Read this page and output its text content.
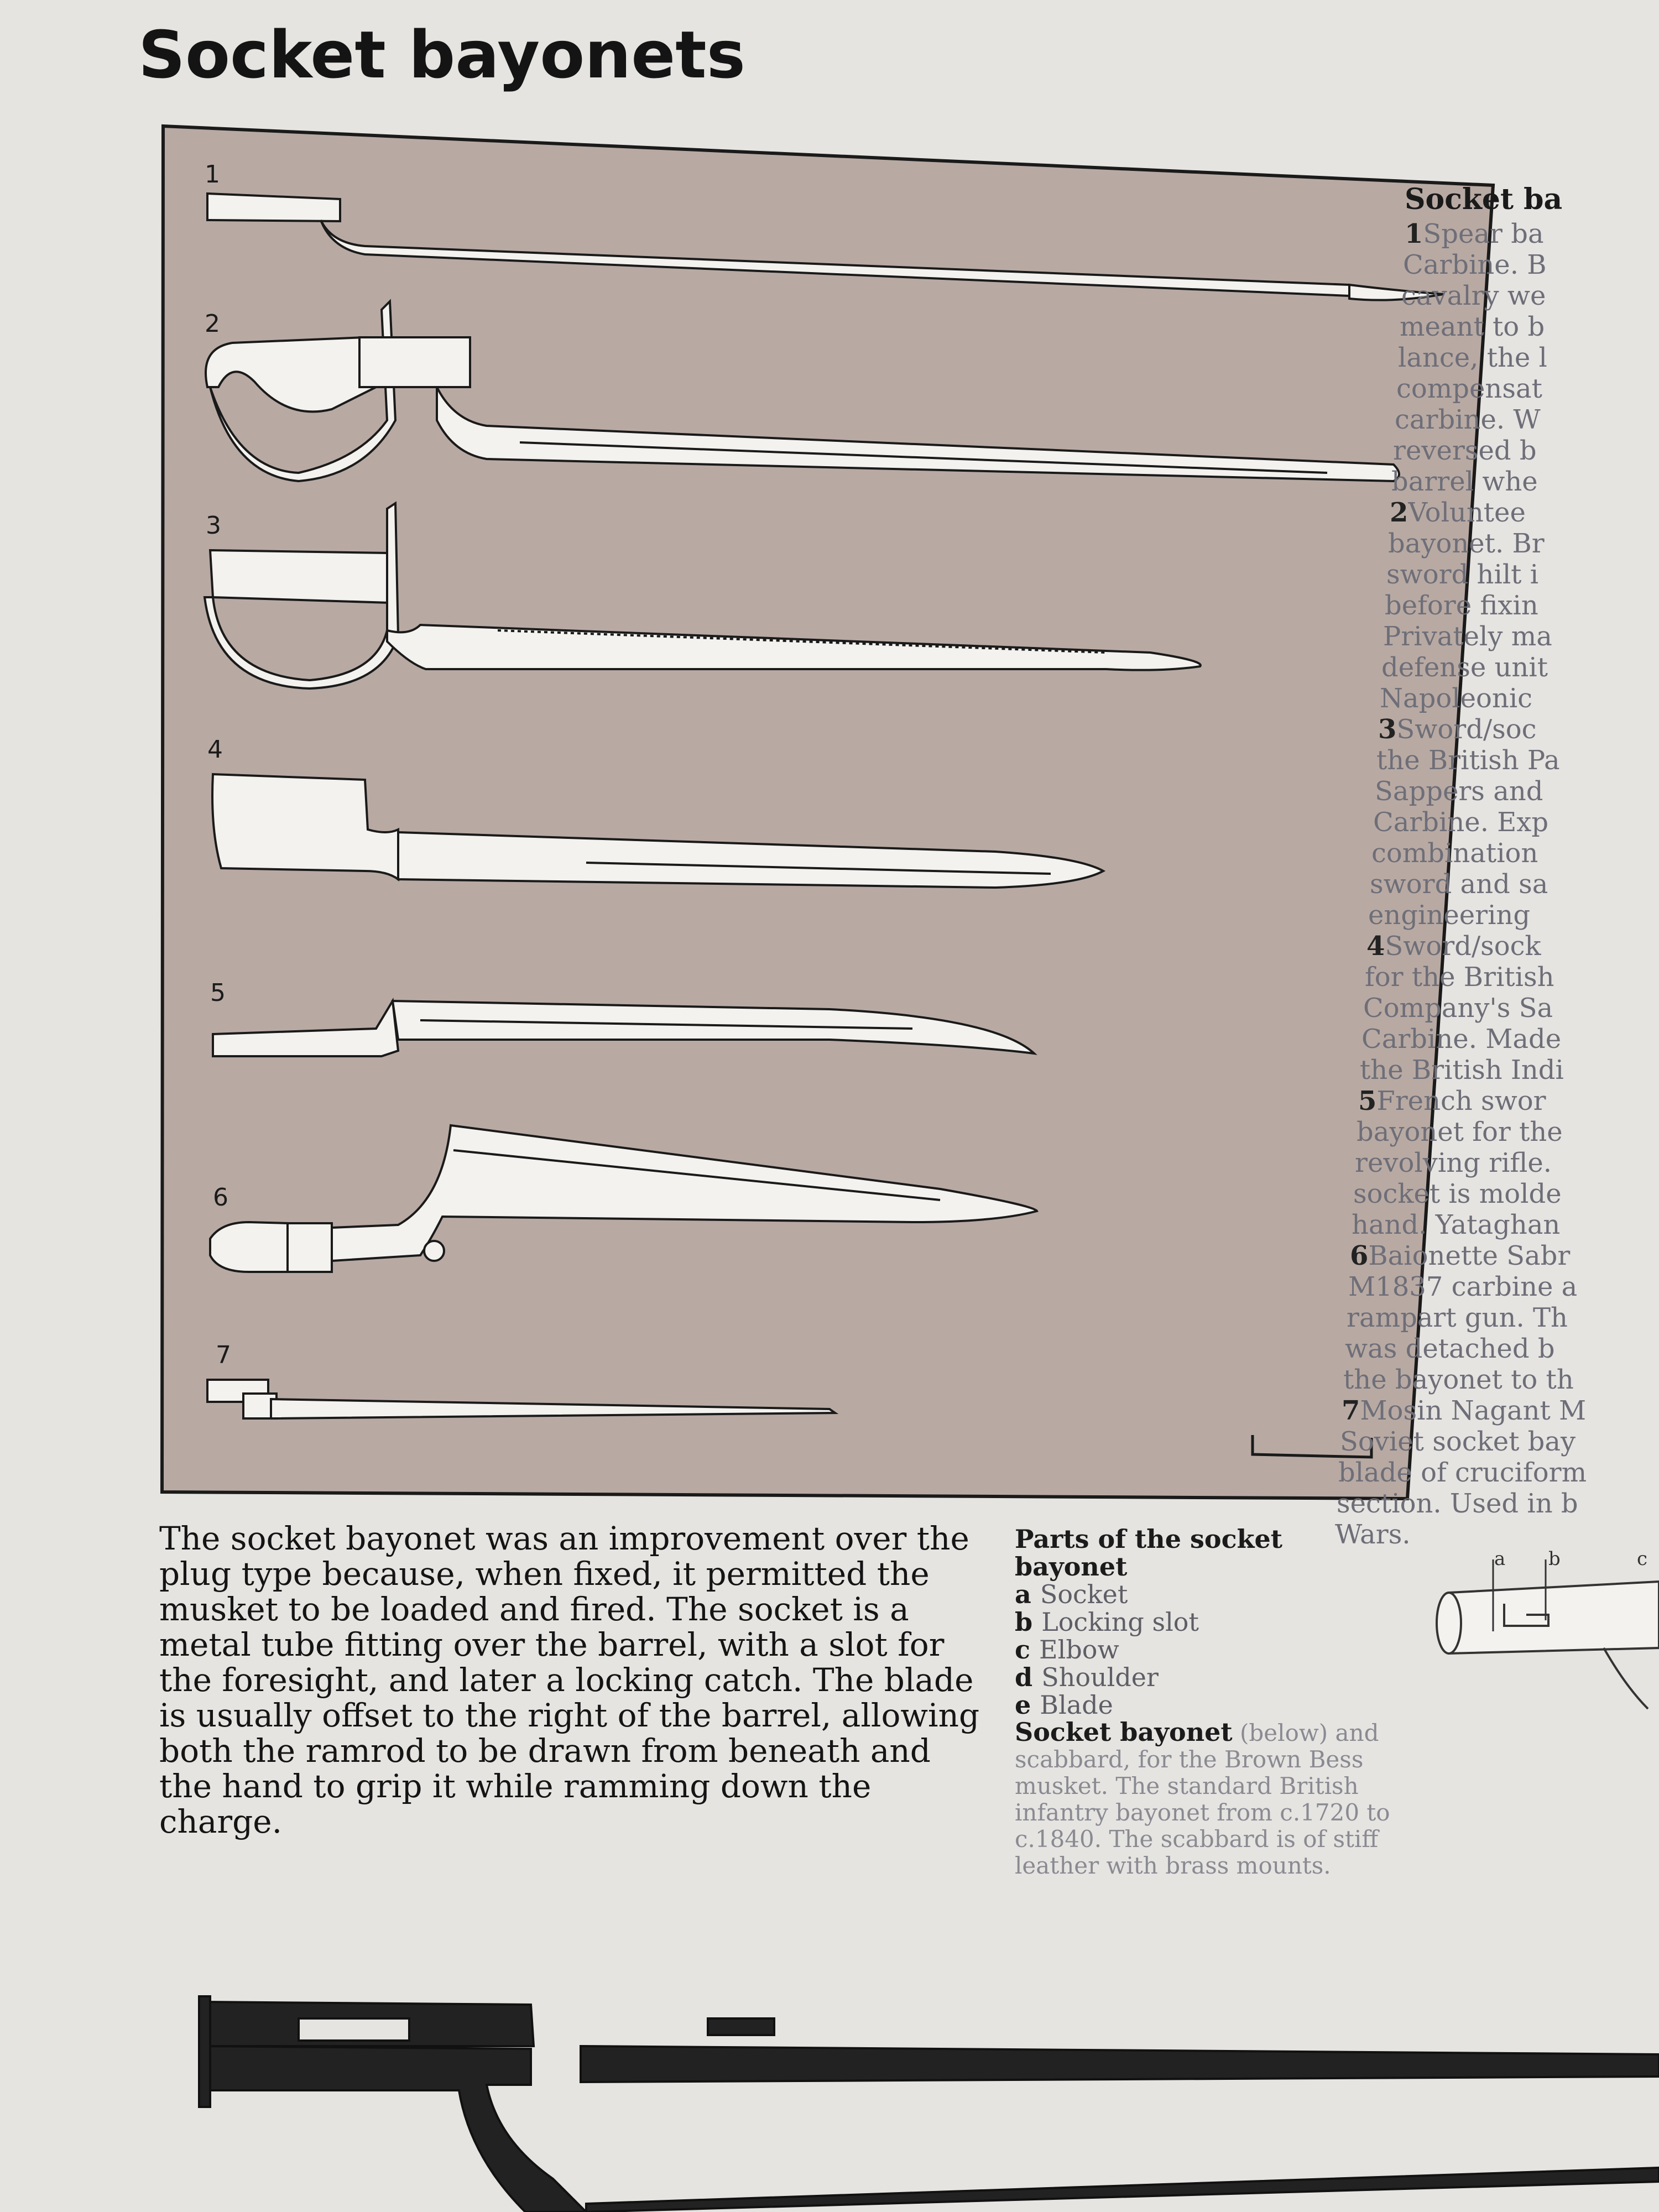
Socket bayonets
1
2
3
4
5
6
7
a b	c
Socket ba
1Spear ba
Carbine. B
cavalry we
meant to b
lance, the l
compensat
carbine. W
reversed b
barrel whe
2Voluntee
bayonet. Br
sword hilt i
before fixin
Privately ma
defense unit
Napoleonic
3Sword/soc
the British Pa
Sappers and
Carbine. Exp
combination
sword and sa
engineering
4Sword/sock
for the British
Company's Sa
Carbine. Made
the British Indi
5French swor
bayonet for the
revolving rifle.
socket is molde
hand. Yataghan
6Baionette Sabr
M1837 carbine a
rampart gun. Th
was detached b
the bayonet to th
7Mosin Nagant M
Soviet socket bay
blade of cruciform
section. Used in b
Wars.

The socket bayonet was an improvement over the plug type because, when fixed, it permitted the musket to be loaded and fired. The socket is a metal tube fitting over the barrel, with a slot for the foresight, and later a locking catch. The blade is usually offset to the right of the barrel, allowing both the ramrod to be drawn from beneath and the hand to grip it while ramming down the charge.

Parts of the socket bayonet

a Socket

b Locking slot

c Elbow

d Shoulder

e Blade

Socket bayonet (below) and scabbard, for the Brown Bess musket. The standard British infantry bayonet from c.1720 to c.1840. The scabbard is of stiff leather with brass mounts.
